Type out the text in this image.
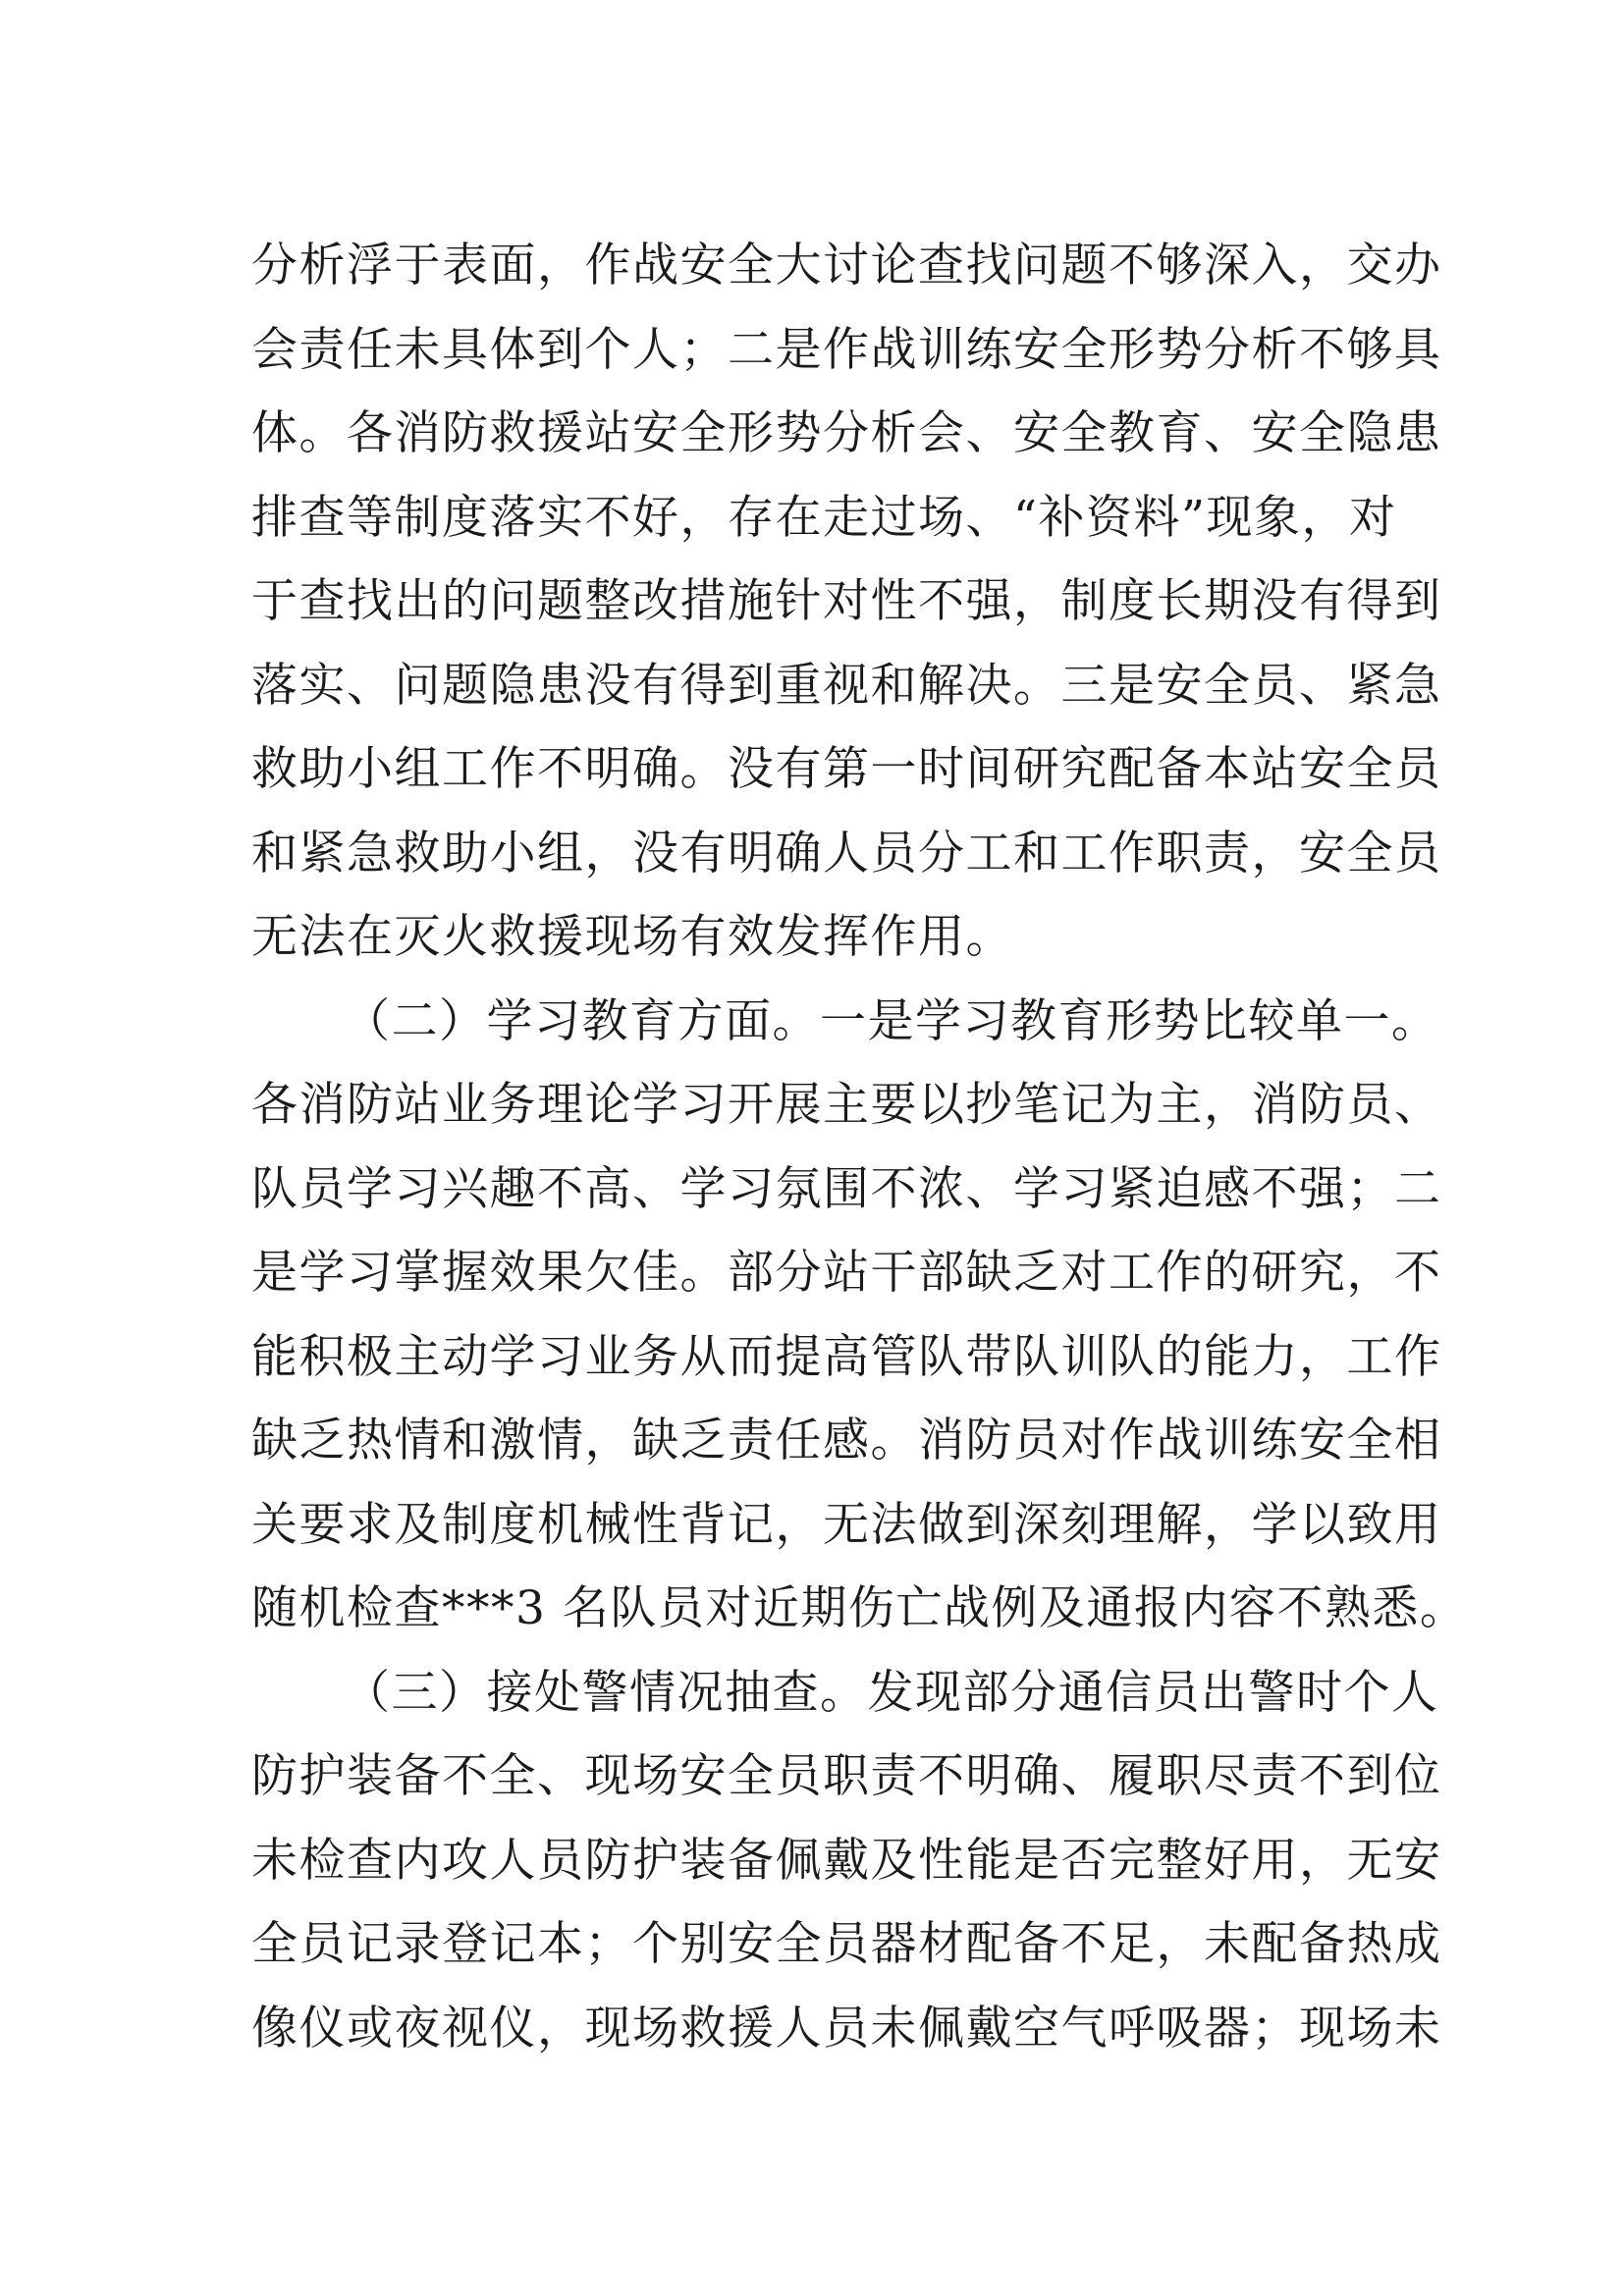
分析浮于表面，作战安全大讨论查找问题不够深入，交办
会责任未具体到个人；二是作战训练安全形势分析不够具
体。各消防救援站安全形势分析会、安全教育、安全隐患
排查等制度落实不好，存在走过场、“补资料”现象，对
于查找出的问题整改措施针对性不强，制度长期没有得到
落实、问题隐患没有得到重视和解决。三是安全员、紧急
救助小组工作不明确。没有第一时间研究配备本站安全员
和紧急救助小组，没有明确人员分工和工作职责，安全员
无法在灭火救援现场有效发挥作用。
（二）学习教育方面。一是学习教育形势比较单一。
各消防站业务理论学习开展主要以抄笔记为主，消防员、
队员学习兴趣不高、学习氛围不浓、学习紧迫感不强；二
是学习掌握效果欠佳。部分站干部缺乏对工作的研究，不
能积极主动学习业务从而提高管队带队训队的能力，工作
缺乏热情和激情，缺乏责任感。消防员对作战训练安全相
关要求及制度机械性背记，无法做到深刻理解，学以致用
随机检查***3 名队员对近期伤亡战例及通报内容不熟悉。
（三）接处警情况抽查。发现部分通信员出警时个人
防护装备不全、现场安全员职责不明确、履职尽责不到位
未检查内攻人员防护装备佩戴及性能是否完整好用，无安
全员记录登记本；个别安全员器材配备不足，未配备热成
像仪或夜视仪，现场救援人员未佩戴空气呼吸器；现场未
